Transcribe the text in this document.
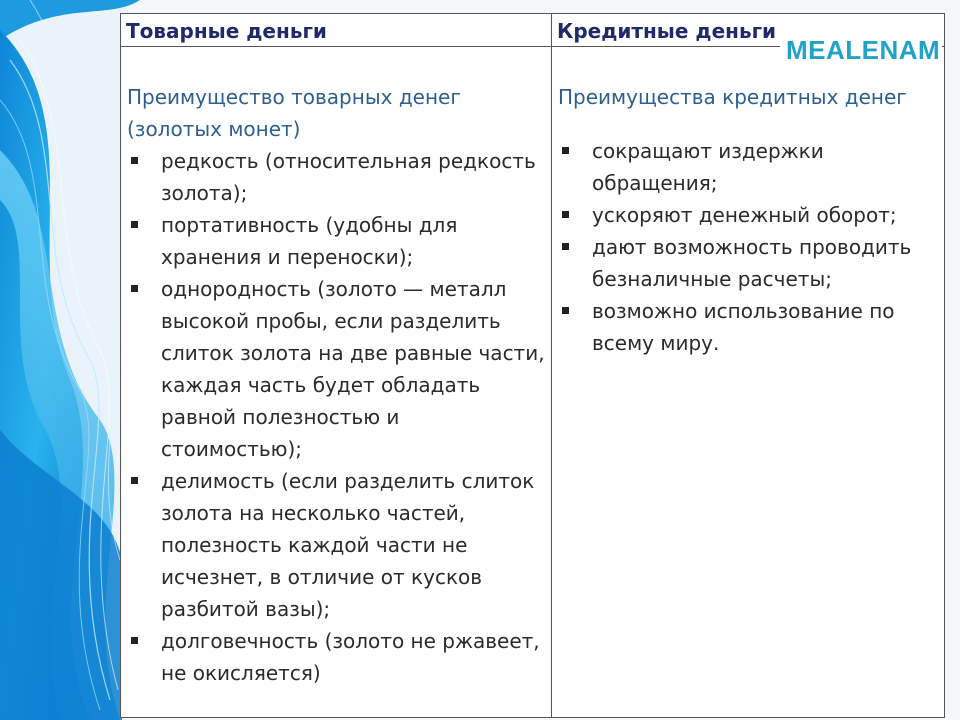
Товарные деньги	Кредитные деньги
Преимущество товарных денег (золотых монет)
редкость (относительная редкость золота);
портативность (удобны для хранения и переноски);
однородность (золото — металл высокой пробы, если разделить слиток золота на две равные части, каждая часть будет обладать равной полезностью и стоимостью);
делимость (если разделить слиток золота на несколько частей, полезность каждой части не исчезнет, в отличие от кусков разбитой вазы);
долговечность (золото не ржавеет, не окисляется)
Преимущества кредитных денег
сокращают издержки обращения;
ускоряют денежный оборот;
дают возможность проводить безналичные расчеты;
возможно использование по всему миру.
MEALENAM
